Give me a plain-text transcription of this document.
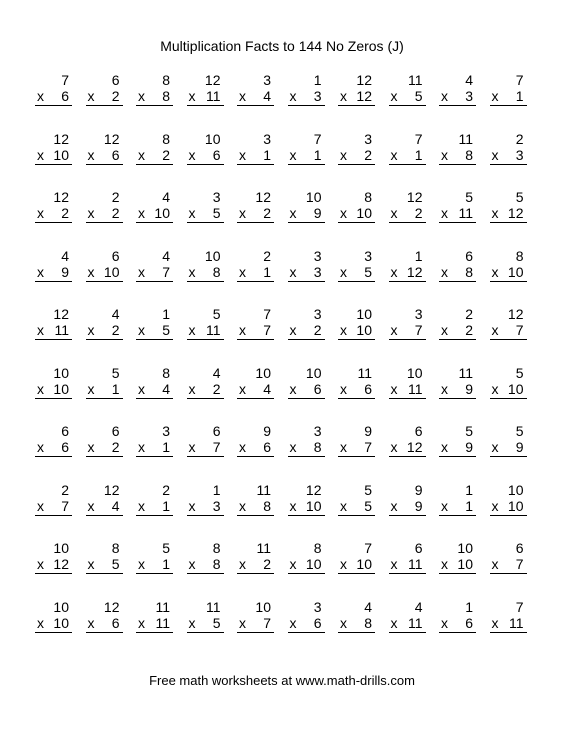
Multiplication Facts to 144 No Zeros (J)
7
x 6
6
x 2
8
x 8
12
x 11
3
x 4
1
x 3
12
x 12
11
x 5
4
x 3
7
x 1
12
x 10
12
x 6
8
x 2
10
x 6
3
x 1
7
x 1
3
x 2
7
x 1
11
x 8
2
x 3
12
x 2
2
x 2
4
x 10
3
x 5
12
x 2
10
x 9
8
x 10
12
x 2
5
x 11
5
x 12
4
x 9
6
x 10
4
x 7
10
x 8
2
x 1
3
x 3
3
x 5
1
x 12
6
x 8
8
x 10
12
x 11
4
x 2
1
x 5
5
x 11
7
x 7
3
x 2
10
x 10
3
x 7
2
x 2
12
x 7
10
x 10
5
x 1
8
x 4
4
x 2
10
x 4
10
x 6
11
x 6
10
x 11
11
x 9
5
x 10
6
x 6
6
x 2
3
x 1
6
x 7
9
x 6
3
x 8
9
x 7
6
x 12
5
x 9
5
x 9
2
x 7
12
x 4
2
x 1
1
x 3
11
x 8
12
x 10
5
x 5
9
x 9
1
x 1
10
x 10
10
x 12
8
x 5
5
x 1
8
x 8
11
x 2
8
x 10
7
x 10
6
x 11
10
x 10
6
x 7
10
x 10
12
x 6
11
x 11
11
x 5
10
x 7
3
x 6
4
x 8
4
x 11
1
x 6
7
x 11
Free math worksheets at www.math-drills.com
